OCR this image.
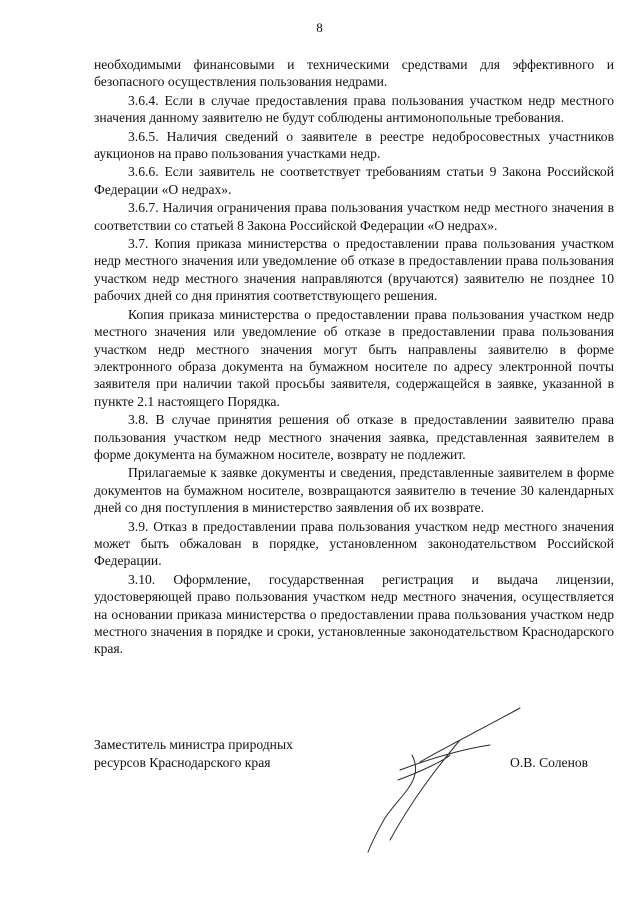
8

необходимыми финансовыми и техническими средствами для эффективного и безопасного осуществления пользования недрами.

3.6.4. Если в случае предоставления права пользования участком недр местного значения данному заявителю не будут соблюдены антимонопольные требования.

3.6.5. Наличия сведений о заявителе в реестре недобросовестных участников аукционов на право пользования участками недр.

3.6.6. Если заявитель не соответствует требованиям статьи 9 Закона Российской Федерации «О недрах».

3.6.7. Наличия ограничения права пользования участком недр местного значения в соответствии со статьей 8 Закона Российской Федерации «О недрах».

3.7. Копия приказа министерства о предоставлении права пользования участком недр местного значения или уведомление об отказе в предоставлении права пользования участком недр местного значения направляются (вручаются) заявителю не позднее 10 рабочих дней со дня принятия соответствующего решения.

Копия приказа министерства о предоставлении права пользования участком недр местного значения или уведомление об отказе в предоставлении права пользования участком недр местного значения могут быть направлены заявителю в форме электронного образа документа на бумажном носителе по адресу электронной почты заявителя при наличии такой просьбы заявителя, содержащейся в заявке, указанной в пункте 2.1 настоящего Порядка.

3.8. В случае принятия решения об отказе в предоставлении заявителю права пользования участком недр местного значения заявка, представленная заявителем в форме документа на бумажном носителе, возврату не подлежит.

Прилагаемые к заявке документы и сведения, представленные заявителем в форме документов на бумажном носителе, возвращаются заявителю в течение 30 календарных дней со дня поступления в министерство заявления об их возврате.

3.9. Отказ в предоставлении права пользования участком недр местного значения может быть обжалован в порядке, установленном законодательством Российской Федерации.

3.10. Оформление, государственная регистрация и выдача лицензии, удостоверяющей право пользования участком недр местного значения, осуществляется на основании приказа министерства о предоставлении права пользования участком недр местного значения в порядке и сроки, установленные законодательством Краснодарского края.

Заместитель министра природных
ресурсов Краснодарского края	О.В. Соленов
